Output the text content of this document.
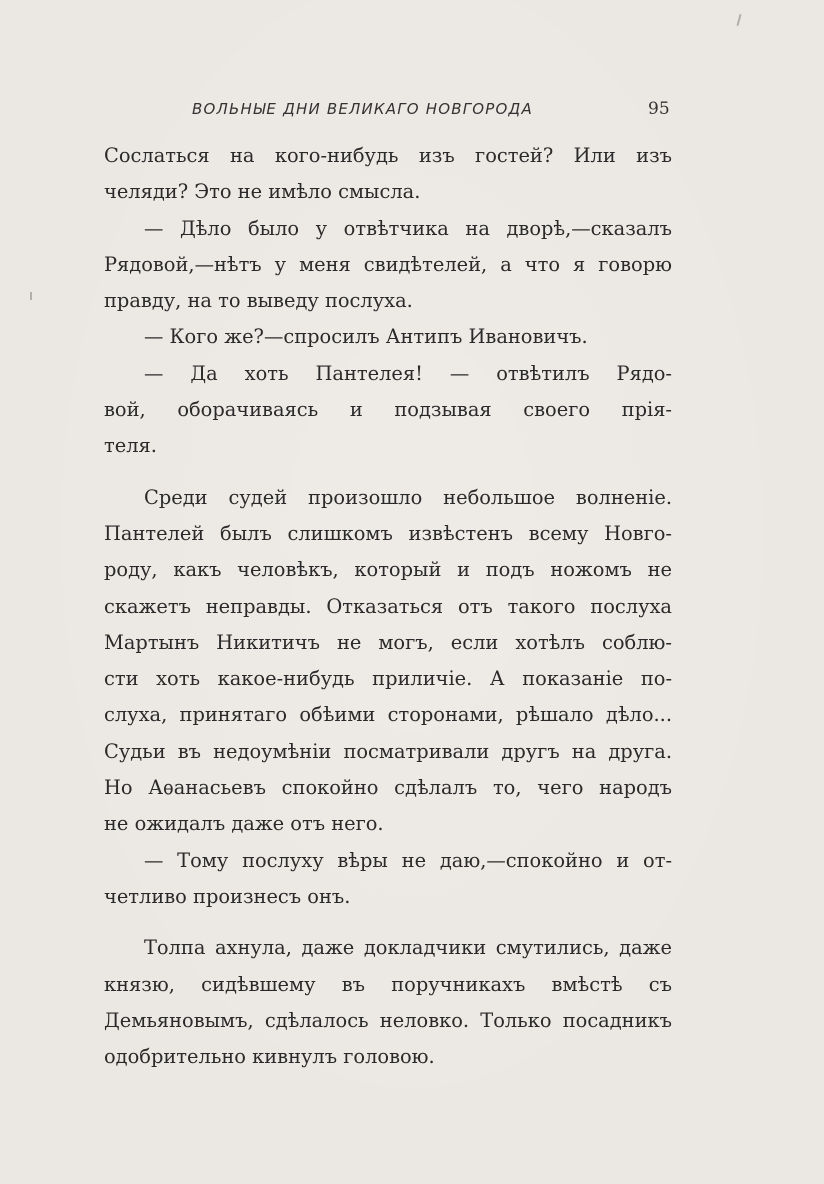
ВОЛЬНЫЕ ДНИ ВЕЛИКАГО НОВГОРОДА	95
Сослаться на кого-нибудь изъ гостей? Или изъ
челяди? Это не имѣло смысла.
— Дѣло было у отвѣтчика на дворѣ,—сказалъ
Рядовой,—нѣтъ у меня свидѣтелей, а что я говорю
правду, на то выведу послуха.
— Кого же?—спросилъ Антипъ Ивановичъ.
— Да хоть Пантелея! — отвѣтилъ Рядо-
вой, оборачиваясь и подзывая своего прія-
теля.
Среди судей произошло небольшое волненіе.
Пантелей былъ слишкомъ извѣстенъ всему Новго-
роду, какъ человѣкъ, который и подъ ножомъ не
скажетъ неправды. Отказаться отъ такого послуха
Мартынъ Никитичъ не могъ, если хотѣлъ соблю-
сти хоть какое-нибудь приличіе. А показаніе по-
слуха, принятаго обѣими сторонами, рѣшало дѣло...
Судьи въ недоумѣніи посматривали другъ на друга.
Но Аѳанасьевъ спокойно сдѣлалъ то, чего народъ
не ожидалъ даже отъ него.
— Тому послуху вѣры не даю,—спокойно и от-
четливо произнесъ онъ.
Толпа ахнула, даже докладчики смутились, даже
князю, сидѣвшему въ поручникахъ вмѣстѣ съ
Демьяновымъ, сдѣлалось неловко. Только посадникъ
одобрительно кивнулъ головою.
